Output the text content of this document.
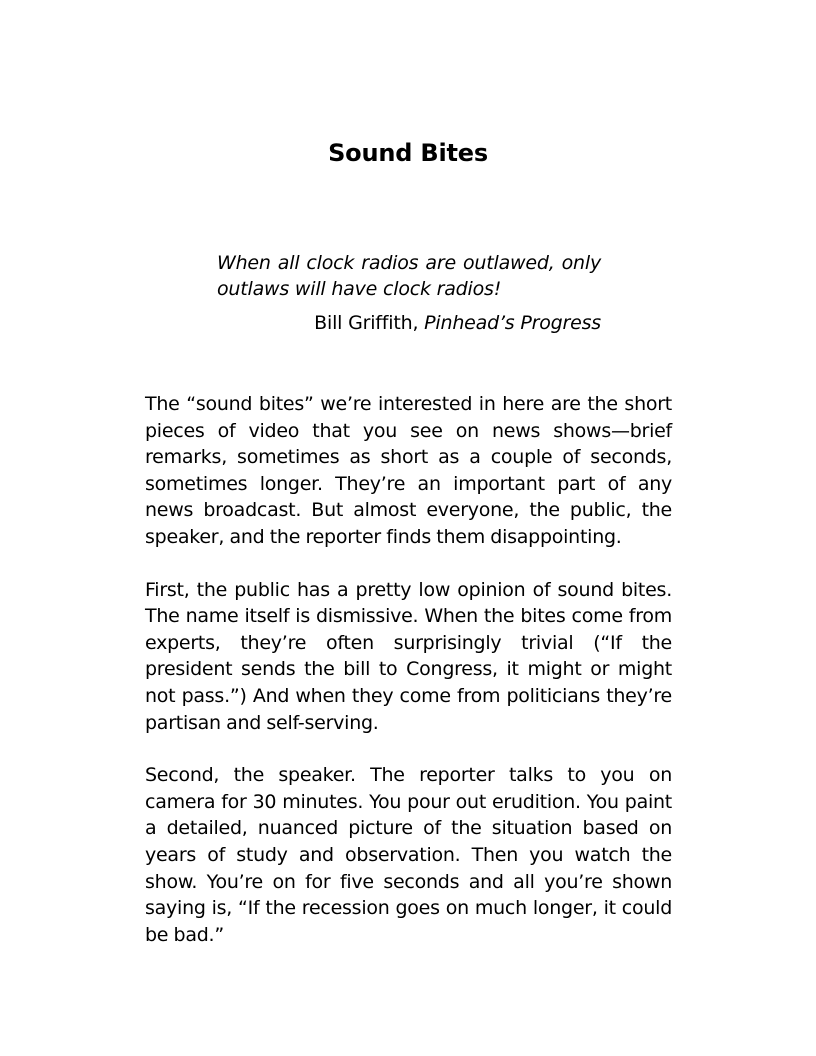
Sound Bites
When all clock radios are outlawed, only outlaws will have clock radios!
Bill Griffith, Pinhead’s Progress

The “sound bites” we’re interested in here are the short pieces of video that you see on news shows—brief remarks, sometimes as short as a couple of seconds, sometimes longer. They’re an important part of any news broadcast. But almost everyone, the public, the speaker, and the reporter finds them disappointing.

First, the public has a pretty low opinion of sound bites. The name itself is dismissive. When the bites come from experts, they’re often surprisingly trivial (“If the president sends the bill to Congress, it might or might not pass.”) And when they come from politicians they’re partisan and self-serving.

Second, the speaker. The reporter talks to you on camera for 30 minutes. You pour out erudition. You paint a detailed, nuanced picture of the situation based on years of study and observation. Then you watch the show. You’re on for five seconds and all you’re shown saying is, “If the recession goes on much longer, it could be bad.”
